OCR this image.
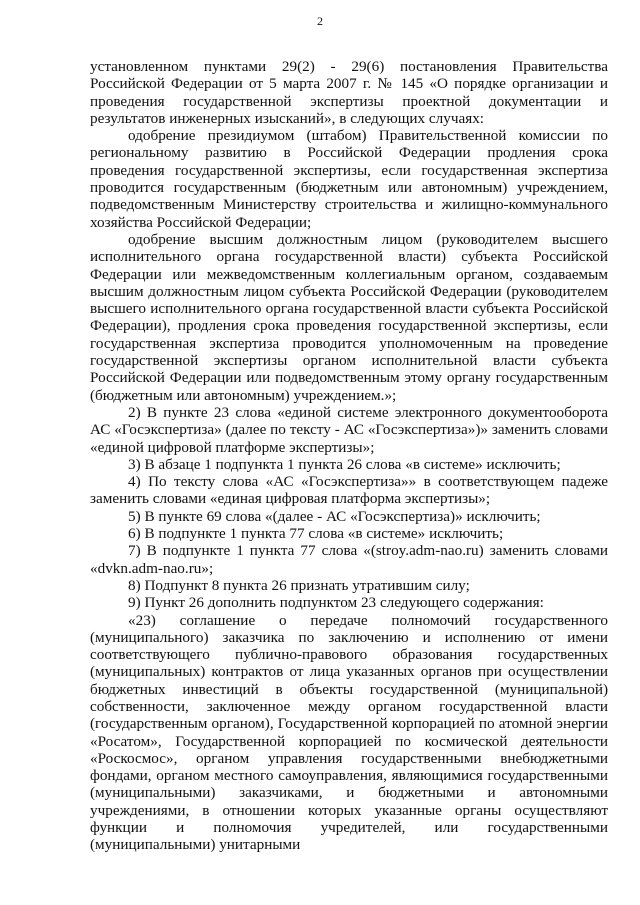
2

установленном пунктами 29(2) - 29(6) постановления Правительства Российской Федерации от 5 марта 2007 г. № 145 «О порядке организации и проведения государственной экспертизы проектной документации и результатов инженерных изысканий», в следующих случаях:

одобрение президиумом (штабом) Правительственной комиссии по региональному развитию в Российской Федерации продления срока проведения государственной экспертизы, если государственная экспертиза проводится государственным (бюджетным или автономным) учреждением, подведомственным Министерству строительства и жилищно-коммунального хозяйства Российской Федерации;

одобрение высшим должностным лицом (руководителем высшего исполнительного органа государственной власти) субъекта Российской Федерации или межведомственным коллегиальным органом, создаваемым высшим должностным лицом субъекта Российской Федерации (руководителем высшего исполнительного органа государственной власти субъекта Российской Федерации), продления срока проведения государственной экспертизы, если государственная экспертиза проводится уполномоченным на проведение государственной экспертизы органом исполнительной власти субъекта Российской Федерации или подведомственным этому органу государственным (бюджетным или автономным) учреждением.»;

2) В пункте 23 слова «единой системе электронного документооборота АС «Госэкспертиза» (далее по тексту - АС «Госэкспертиза»)» заменить словами «единой цифровой платформе экспертизы»;

3) В абзаце 1 подпункта 1 пункта 26 слова «в системе» исключить;

4) По тексту слова «АС «Госэкспертиза»» в соответствующем падеже заменить словами «единая цифровая платформа экспертизы»;

5) В пункте 69 слова «(далее - АС «Госэкспертиза)» исключить;

6) В подпункте 1 пункта 77 слова «в системе» исключить;

7) В подпункте 1 пункта 77 слова «(stroy.adm-nao.ru) заменить словами «dvkn.adm-nao.ru»;

8) Подпункт 8 пункта 26 признать утратившим силу;

9) Пункт 26 дополнить подпунктом 23 следующего содержания:

«23) соглашение о передаче полномочий государственного (муниципального) заказчика по заключению и исполнению от имени соответствующего публично-правового образования государственных (муниципальных) контрактов от лица указанных органов при осуществлении бюджетных инвестиций в объекты государственной (муниципальной) собственности, заключенное между органом государственной власти (государственным органом), Государственной корпорацией по атомной энергии «Росатом», Государственной корпорацией по космической деятельности «Роскосмос», органом управления государственными внебюджетными фондами, органом местного самоуправления, являющимися государственными (муниципальными) заказчиками, и бюджетными и автономными учреждениями, в отношении которых указанные органы осуществляют функции и полномочия учредителей, или государственными (муниципальными) унитарными
